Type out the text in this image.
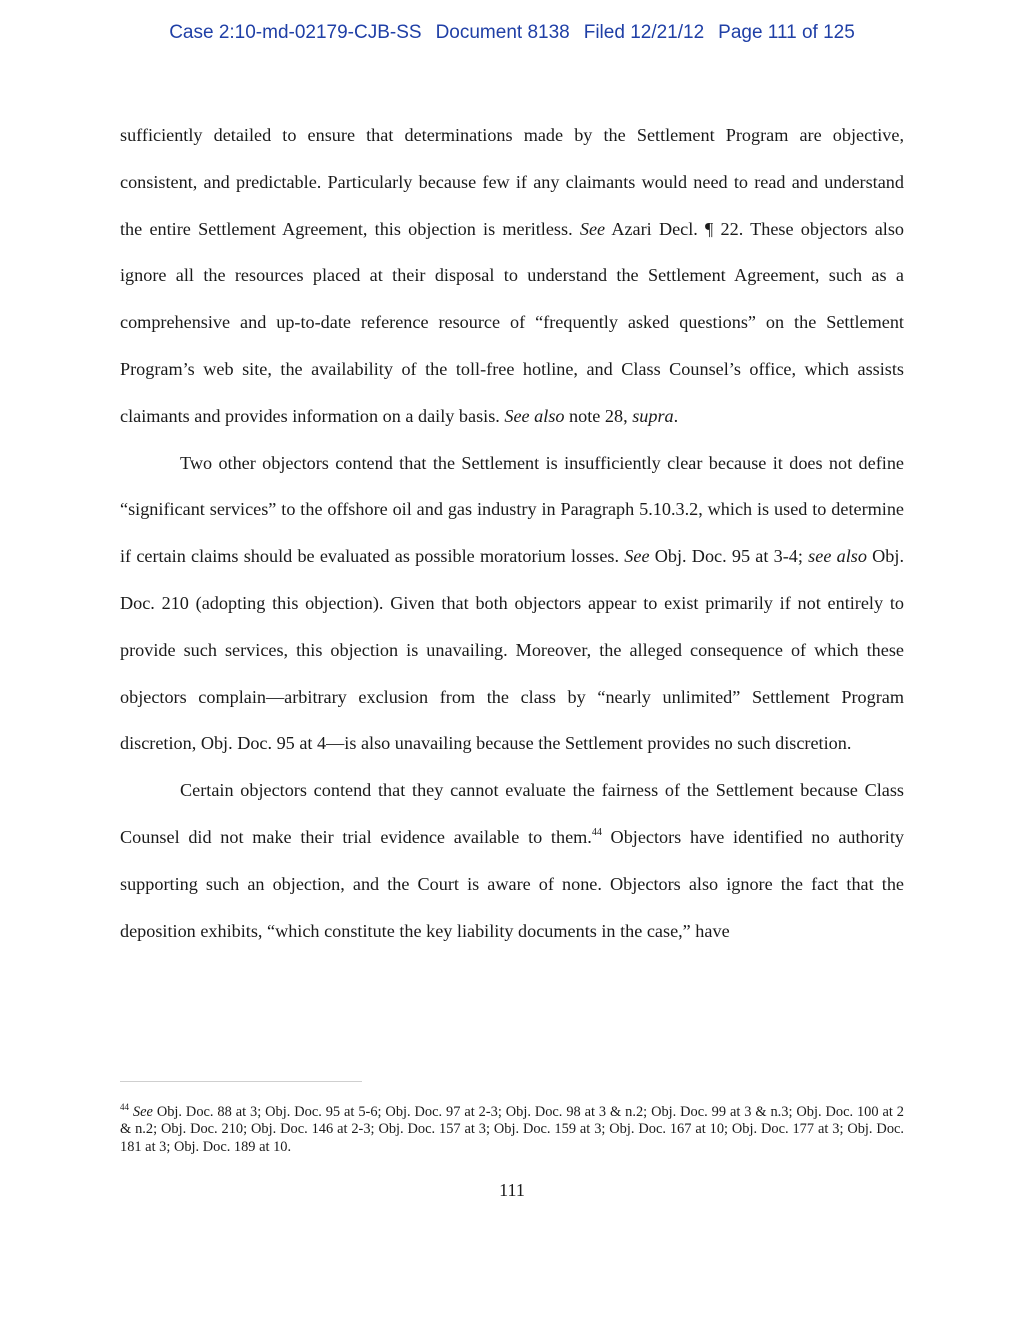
Case 2:10-md-02179-CJB-SS Document 8138 Filed 12/21/12 Page 111 of 125

sufficiently detailed to ensure that determinations made by the Settlement Program are objective, consistent, and predictable. Particularly because few if any claimants would need to read and understand the entire Settlement Agreement, this objection is meritless. See Azari Decl. ¶ 22. These objectors also ignore all the resources placed at their disposal to understand the Settlement Agreement, such as a comprehensive and up-to-date reference resource of “frequently asked questions” on the Settlement Program’s web site, the availability of the toll-free hotline, and Class Counsel’s office, which assists claimants and provides information on a daily basis. See also note 28, supra.

Two other objectors contend that the Settlement is insufficiently clear because it does not define “significant services” to the offshore oil and gas industry in Paragraph 5.10.3.2, which is used to determine if certain claims should be evaluated as possible moratorium losses. See Obj. Doc. 95 at 3-4; see also Obj. Doc. 210 (adopting this objection). Given that both objectors appear to exist primarily if not entirely to provide such services, this objection is unavailing. Moreover, the alleged consequence of which these objectors complain—arbitrary exclusion from the class by “nearly unlimited” Settlement Program discretion, Obj. Doc. 95 at 4—is also unavailing because the Settlement provides no such discretion.

Certain objectors contend that they cannot evaluate the fairness of the Settlement because Class Counsel did not make their trial evidence available to them.$^{44}$ Objectors have identified no authority supporting such an objection, and the Court is aware of none. Objectors also ignore the fact that the deposition exhibits, “which constitute the key liability documents in the case,” have

$^{44}$ See Obj. Doc. 88 at 3; Obj. Doc. 95 at 5-6; Obj. Doc. 97 at 2-3; Obj. Doc. 98 at 3 & n.2; Obj. Doc. 99 at 3 & n.3; Obj. Doc. 100 at 2 & n.2; Obj. Doc. 210; Obj. Doc. 146 at 2-3; Obj. Doc. 157 at 3; Obj. Doc. 159 at 3; Obj. Doc. 167 at 10; Obj. Doc. 177 at 3; Obj. Doc. 181 at 3; Obj. Doc. 189 at 10.
111
